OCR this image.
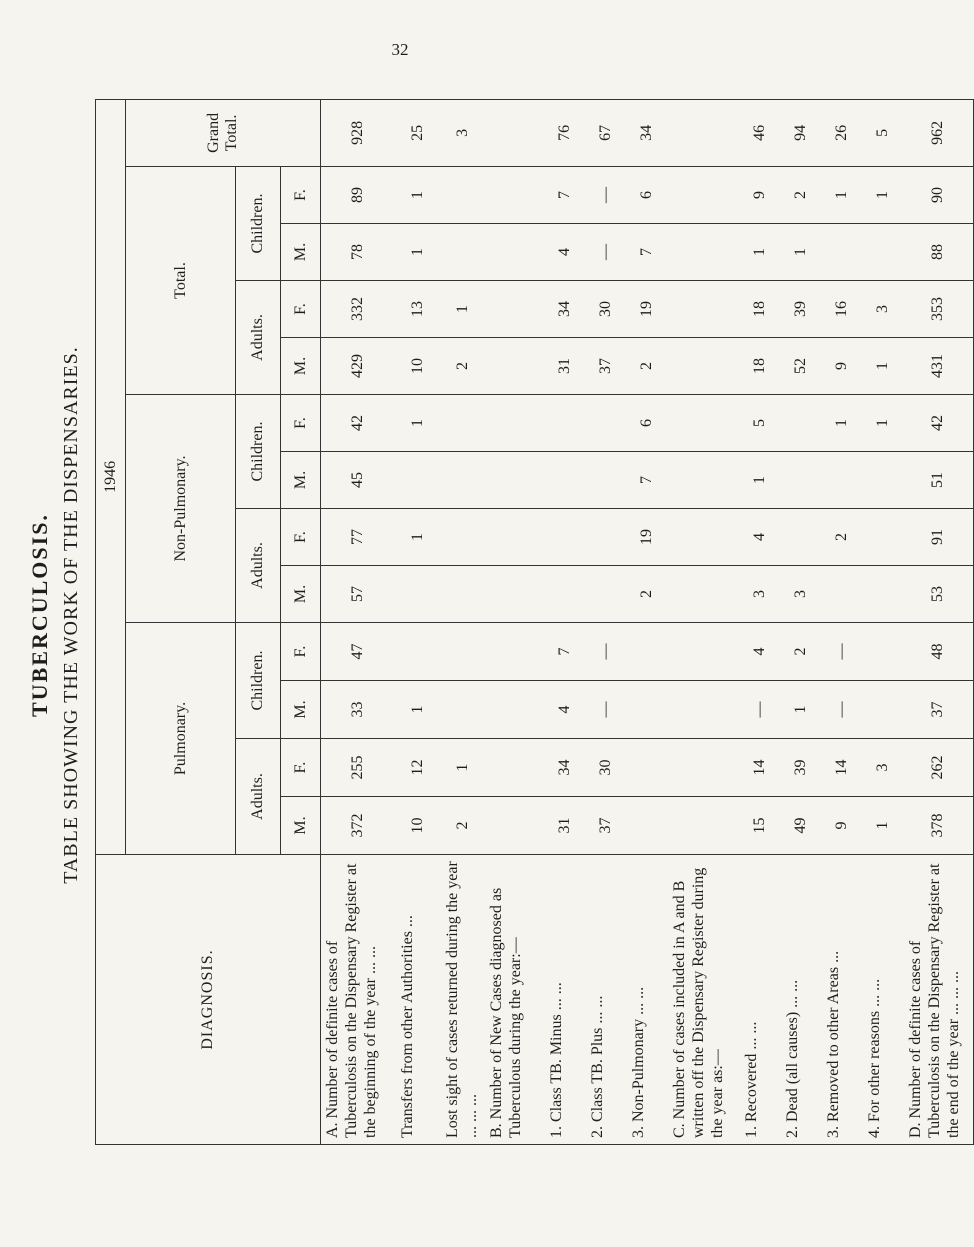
32
TUBERCULOSIS. TABLE SHOWING THE WORK OF THE DISPENSARIES.
DIAGNOSIS.	1946												
	Pulmonary.				Non-Pulmonary.				Total.				Grand Total.
	Adults.		Children.		Adults.		Children.		Adults.		Children.		
	M.	F.	M.	F.	M.	F.	M.	F.	M.	F.	M.	F.	
A. Number of definite cases of Tuberculosis on the Dispensary Register at the beginning of the year ... ...	372	255	33	47	57	77	45	42	429	332	78	89	928
Transfers from other Authorities ...	10	12	1			1		1	10	13	1	1	25
Lost sight of cases returned during the year ... ... ...	2	1							2	1			3
B. Number of New Cases diagnosed as Tuberculous during the year:—													
1. Class TB. Minus ... ...	31	34	4	7					31	34	4	7	76
2. Class TB. Plus ... ...	37	30	—	—					37	30	—	—	67
3. Non-Pulmonary ... ...					2	19	7	6	2	19	7	6	34
C. Number of cases included in A and B written off the Dispensary Register during the year as:—													
1. Recovered ... ...	15	14	—	4	3	4	1	5	18	18	1	9	46
2. Dead (all causes) ... ...	49	39	1	2	3				52	39	1	2	94
3. Removed to other Areas ...	9	14	—	—		2		1	9	16		1	26
4. For other reasons ... ...	1	3						1	1	3		1	5
D. Number of definite cases of Tuberculosis on the Dispensary Register at the end of the year ... ... ...	378	262	37	48	53	91	51	42	431	353	88	90	962
